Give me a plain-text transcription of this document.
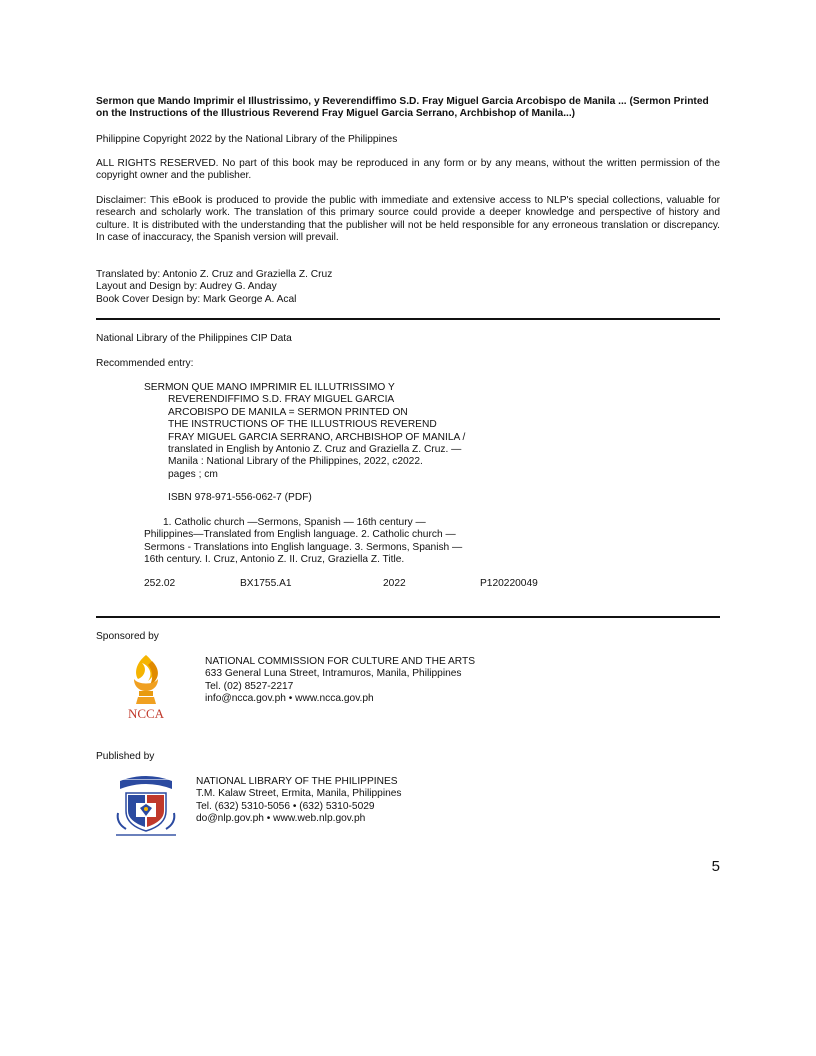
Sermon que Mando Imprimir el Illustrissimo, y Reverendiffimo S.D. Fray Miguel Garcia Arcobispo de Manila ... (Sermon Printed on the Instructions of the Illustrious Reverend Fray Miguel Garcia Serrano, Archbishop of Manila...)
Philippine Copyright 2022 by the National Library of the Philippines
ALL RIGHTS RESERVED. No part of this book may be reproduced in any form or by any means, without the written permission of the copyright owner and the publisher.
Disclaimer: This eBook is produced to provide the public with immediate and extensive access to NLP's special collections, valuable for research and scholarly work. The translation of this primary source could provide a deeper knowledge and perspective of history and culture. It is distributed with the understanding that the publisher will not be held responsible for any erroneous translation or discrepancy. In case of inaccuracy, the Spanish version will prevail.
Translated by: Antonio Z. Cruz and Graziella Z. Cruz
Layout and Design by: Audrey G. Anday
Book Cover Design by: Mark George A. Acal
National Library of the Philippines CIP Data
Recommended entry:
SERMON QUE MANO IMPRIMIR EL ILLUTRISSIMO Y
REVERENDIFFIMO S.D. FRAY MIGUEL GARCIA
ARCOBISPO DE MANILA = SERMON PRINTED ON
THE INSTRUCTIONS OF THE ILLUSTRIOUS REVEREND
FRAY MIGUEL GARCIA SERRANO, ARCHBISHOP OF MANILA /
translated in English by Antonio Z. Cruz and Graziella Z. Cruz. —
Manila : National Library of the Philippines, 2022, c2022.
pages ; cm
ISBN 978-971-556-062-7 (PDF)
1. Catholic church —Sermons, Spanish — 16th century —
Philippines—Translated from English language. 2. Catholic church —
Sermons - Translations into English language. 3. Sermons, Spanish —
16th century. I. Cruz, Antonio Z. II. Cruz, Graziella Z. Title.
252.02	BX1755.A1	2022	P120220049
Sponsored by
NCCA
NATIONAL COMMISSION FOR CULTURE AND THE ARTS
633 General Luna Street, Intramuros, Manila, Philippines
Tel. (02) 8527-2217
info@ncca.gov.ph • www.ncca.gov.ph
Published by
NATIONAL LIBRARY OF THE PHILIPPINES
T.M. Kalaw Street, Ermita, Manila, Philippines
Tel. (632) 5310-5056 • (632) 5310-5029
do@nlp.gov.ph • www.web.nlp.gov.ph
5
